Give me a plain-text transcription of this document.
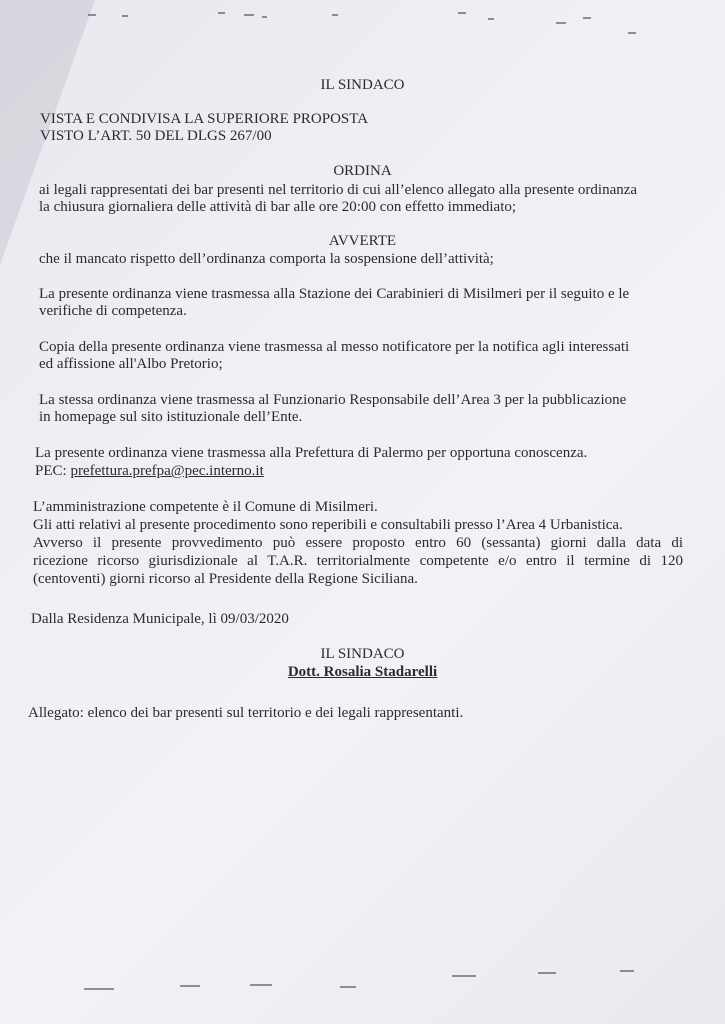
IL SINDACO
VISTA E CONDIVISA LA SUPERIORE PROPOSTA
VISTO L’ART. 50 DEL DLGS 267/00
ORDINA
ai legali rappresentati dei bar presenti nel territorio di cui all’elenco allegato alla presente ordinanza
la chiusura giornaliera delle attività di bar alle ore 20:00 con effetto immediato;
AVVERTE
che il mancato rispetto dell’ordinanza comporta la sospensione dell’attività;
La presente ordinanza viene trasmessa alla Stazione dei Carabinieri di Misilmeri per il seguito e le
verifiche di competenza.
Copia della presente ordinanza viene trasmessa al messo notificatore per la notifica agli interessati
ed affissione all'Albo Pretorio;
La stessa ordinanza viene trasmessa al Funzionario Responsabile dell’Area 3 per la pubblicazione
in homepage sul sito istituzionale dell’Ente.
La presente ordinanza viene trasmessa alla Prefettura di Palermo per opportuna conoscenza.
PEC: prefettura.prefpa@pec.interno.it
L’amministrazione competente è il Comune di Misilmeri.
Gli atti relativi al presente procedimento sono reperibili e consultabili presso l’Area 4 Urbanistica.
Avverso il presente provvedimento può essere proposto entro 60 (sessanta) giorni dalla data di
ricezione ricorso giurisdizionale al T.A.R. territorialmente competente e/o entro il termine di 120
(centoventi) giorni ricorso al Presidente della Regione Siciliana.
Dalla Residenza Municipale, lì 09/03/2020
IL SINDACO
Dott. Rosalia Stadarelli
Allegato: elenco dei bar presenti sul territorio e dei legali rappresentanti.
